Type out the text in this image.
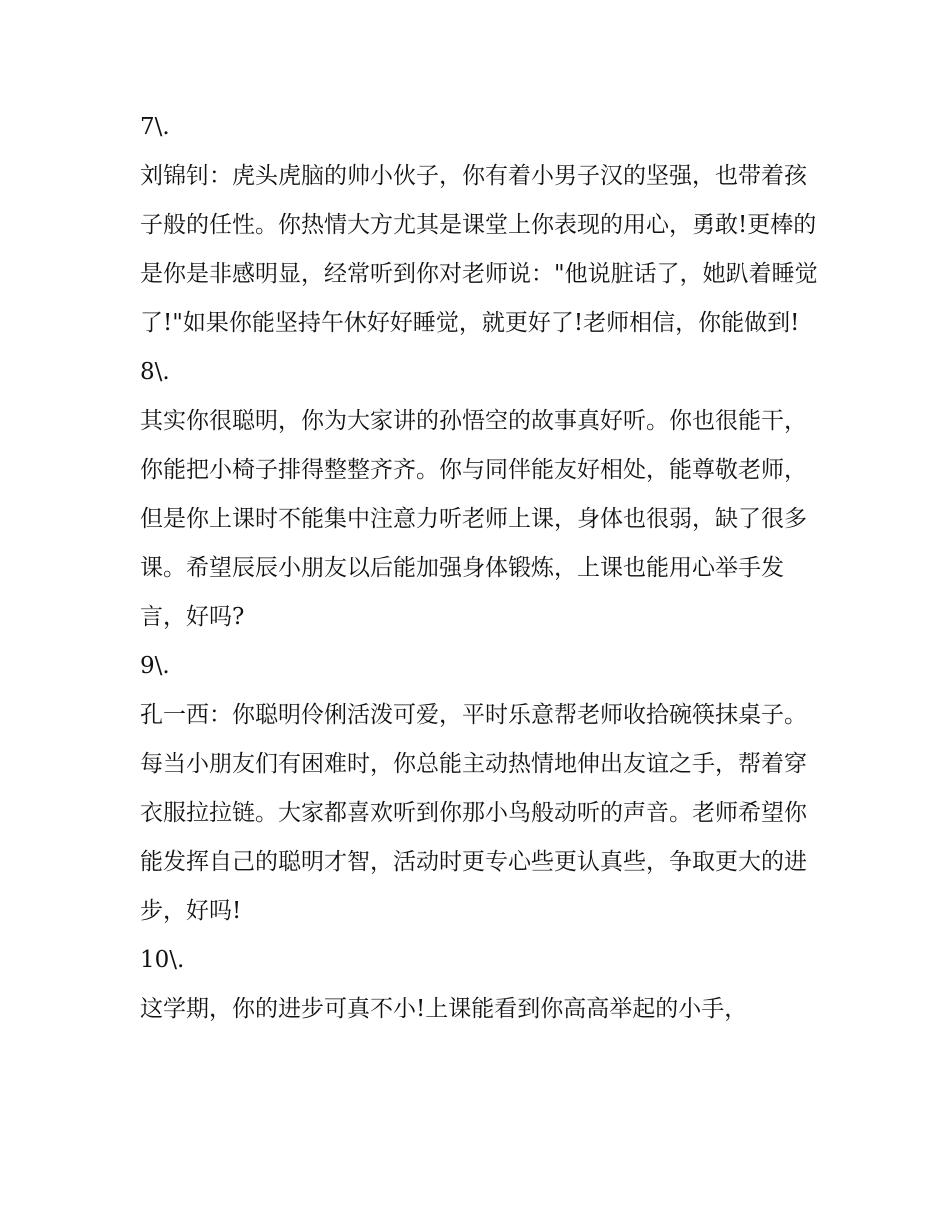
7\.

刘锦钊：虎头虎脑的帅小伙子，你有着小男子汉的坚强，也带着孩子般的任性。你热情大方尤其是课堂上你表现的用心，勇敢!更棒的是你是非感明显，经常听到你对老师说："他说脏话了，她趴着睡觉了!"如果你能坚持午休好好睡觉，就更好了!老师相信，你能做到!

8\.

其实你很聪明，你为大家讲的孙悟空的故事真好听。你也很能干，你能把小椅子排得整整齐齐。你与同伴能友好相处，能尊敬老师，但是你上课时不能集中注意力听老师上课，身体也很弱，缺了很多课。希望辰辰小朋友以后能加强身体锻炼，上课也能用心举手发言，好吗?

9\.

孔一西：你聪明伶俐活泼可爱，平时乐意帮老师收拾碗筷抹桌子。每当小朋友们有困难时，你总能主动热情地伸出友谊之手，帮着穿衣服拉拉链。大家都喜欢听到你那小鸟般动听的声音。老师希望你能发挥自己的聪明才智，活动时更专心些更认真些，争取更大的进步，好吗!

10\.

这学期，你的进步可真不小!上课能看到你高高举起的小手，
